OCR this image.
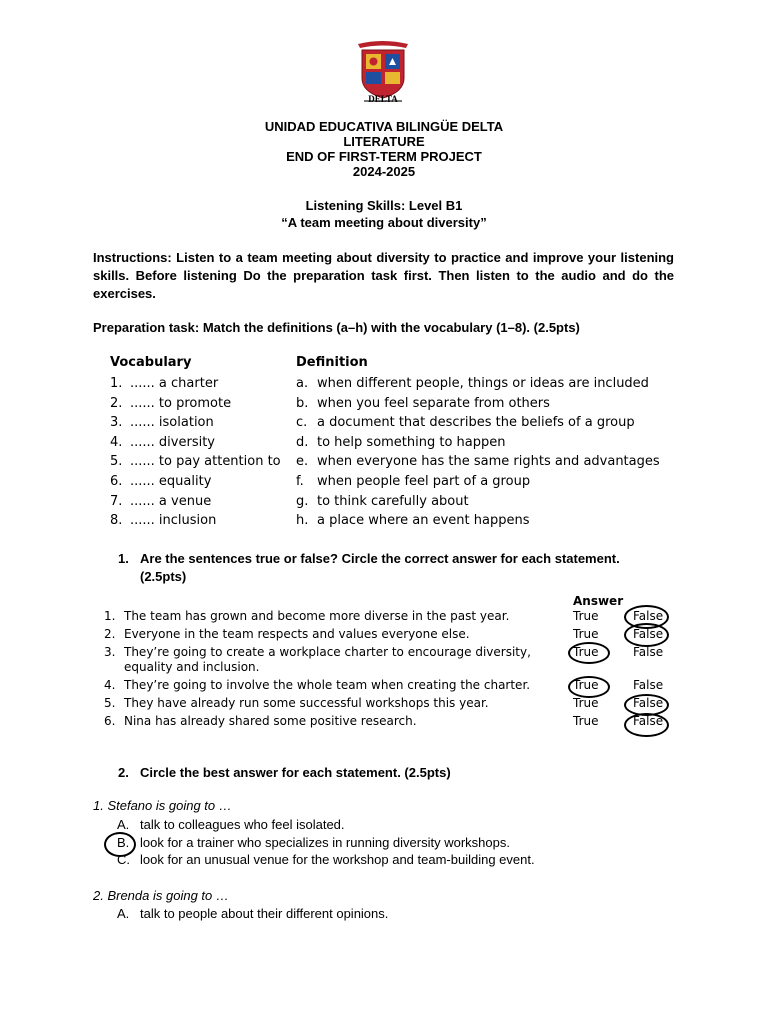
DELTA
UNIDAD EDUCATIVA BILINGÜE DELTA
LITERATURE
END OF FIRST-TERM PROJECT
2024-2025
Listening Skills: Level B1
“A team meeting about diversity”
Instructions: Listen to a team meeting about diversity to practice and improve your listening skills. Before listening Do the preparation task first. Then listen to the audio and do the exercises.
Preparation task: Match the definitions (a–h) with the vocabulary (1–8). (2.5pts)
Vocabulary	Definition
1. ...... a charter	a. when different people, things or ideas are included
2. ...... to promote	b. when you feel separate from others
3. ...... isolation	c. a document that describes the beliefs of a group
4. ...... diversity	d. to help something to happen
5. ...... to pay attention to e. when everyone has the same rights and advantages
6. ...... equality	f. when people feel part of a group
7. ...... a venue	g. to think carefully about
8. ...... inclusion	h. a place where an event happens
1. Are the sentences true or false? Circle the correct answer for each statement.
(2.5pts)
Answer
1. The team has grown and become more diverse in the past year.	True	False
2. Everyone in the team respects and values everyone else.	True	False
3. They’re going to create a workplace charter to encourage diversity,
equality and inclusion.
True	False
4. They’re going to involve the whole team when creating the charter.	True	False
5. They have already run some successful workshops this year.	True	False
6. Nina has already shared some positive research.	True	False
2. Circle the best answer for each statement. (2.5pts)
1. Stefano is going to …
A. talk to colleagues who feel isolated.
B. look for a trainer who specializes in running diversity workshops.
C. look for an unusual venue for the workshop and team-building event.
2. Brenda is going to …
A. talk to people about their different opinions.
